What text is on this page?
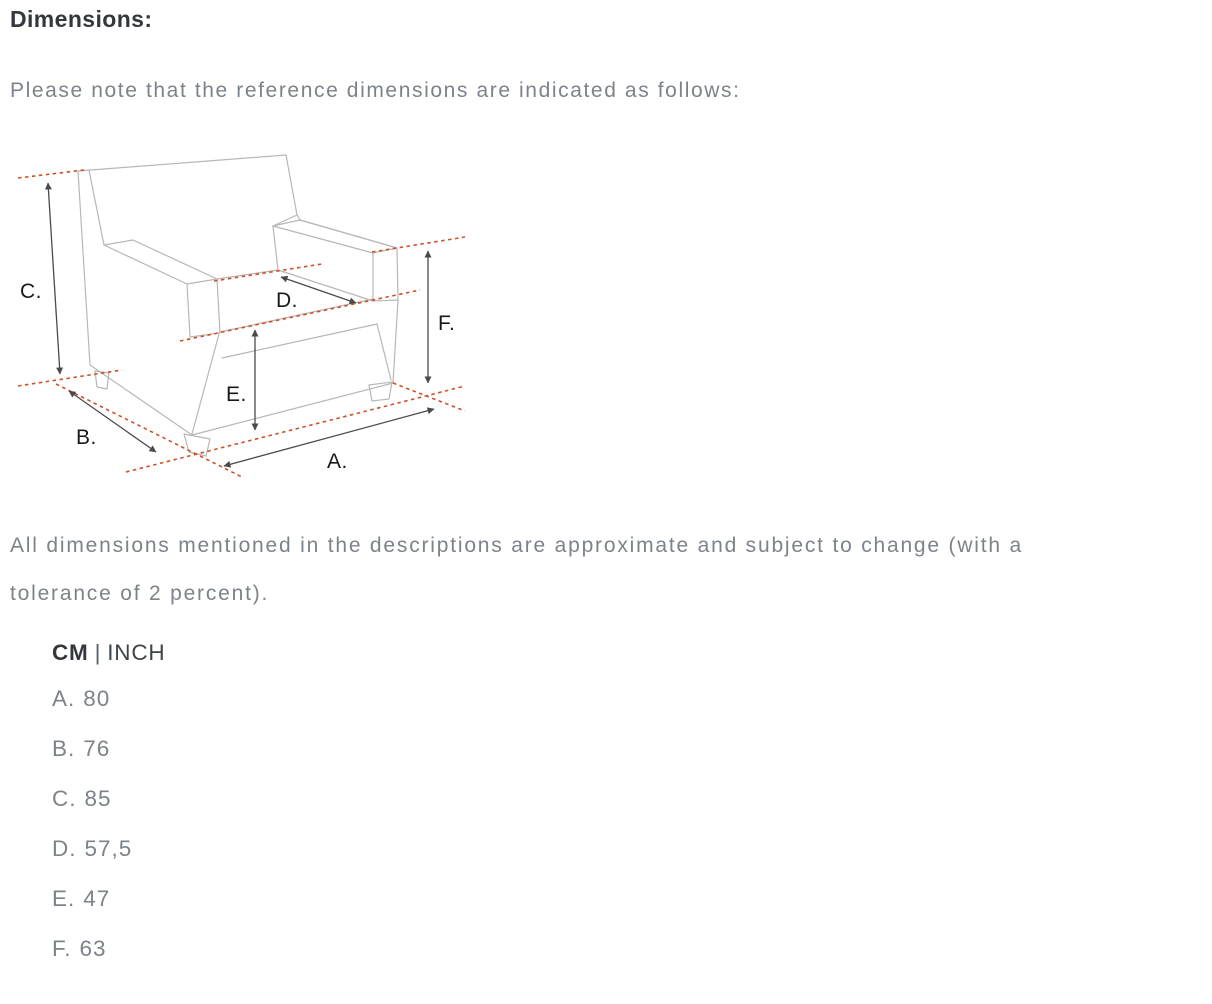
Dimensions:

Please note that the reference dimensions are indicated as follows:

C.
B.
A.
D.
E.
F.
All dimensions mentioned in the descriptions are approximate and subject to change (with a
tolerance of 2 percent).
CM | INCH
A. 80
B. 76
C. 85
D. 57,5
E. 47
F. 63
